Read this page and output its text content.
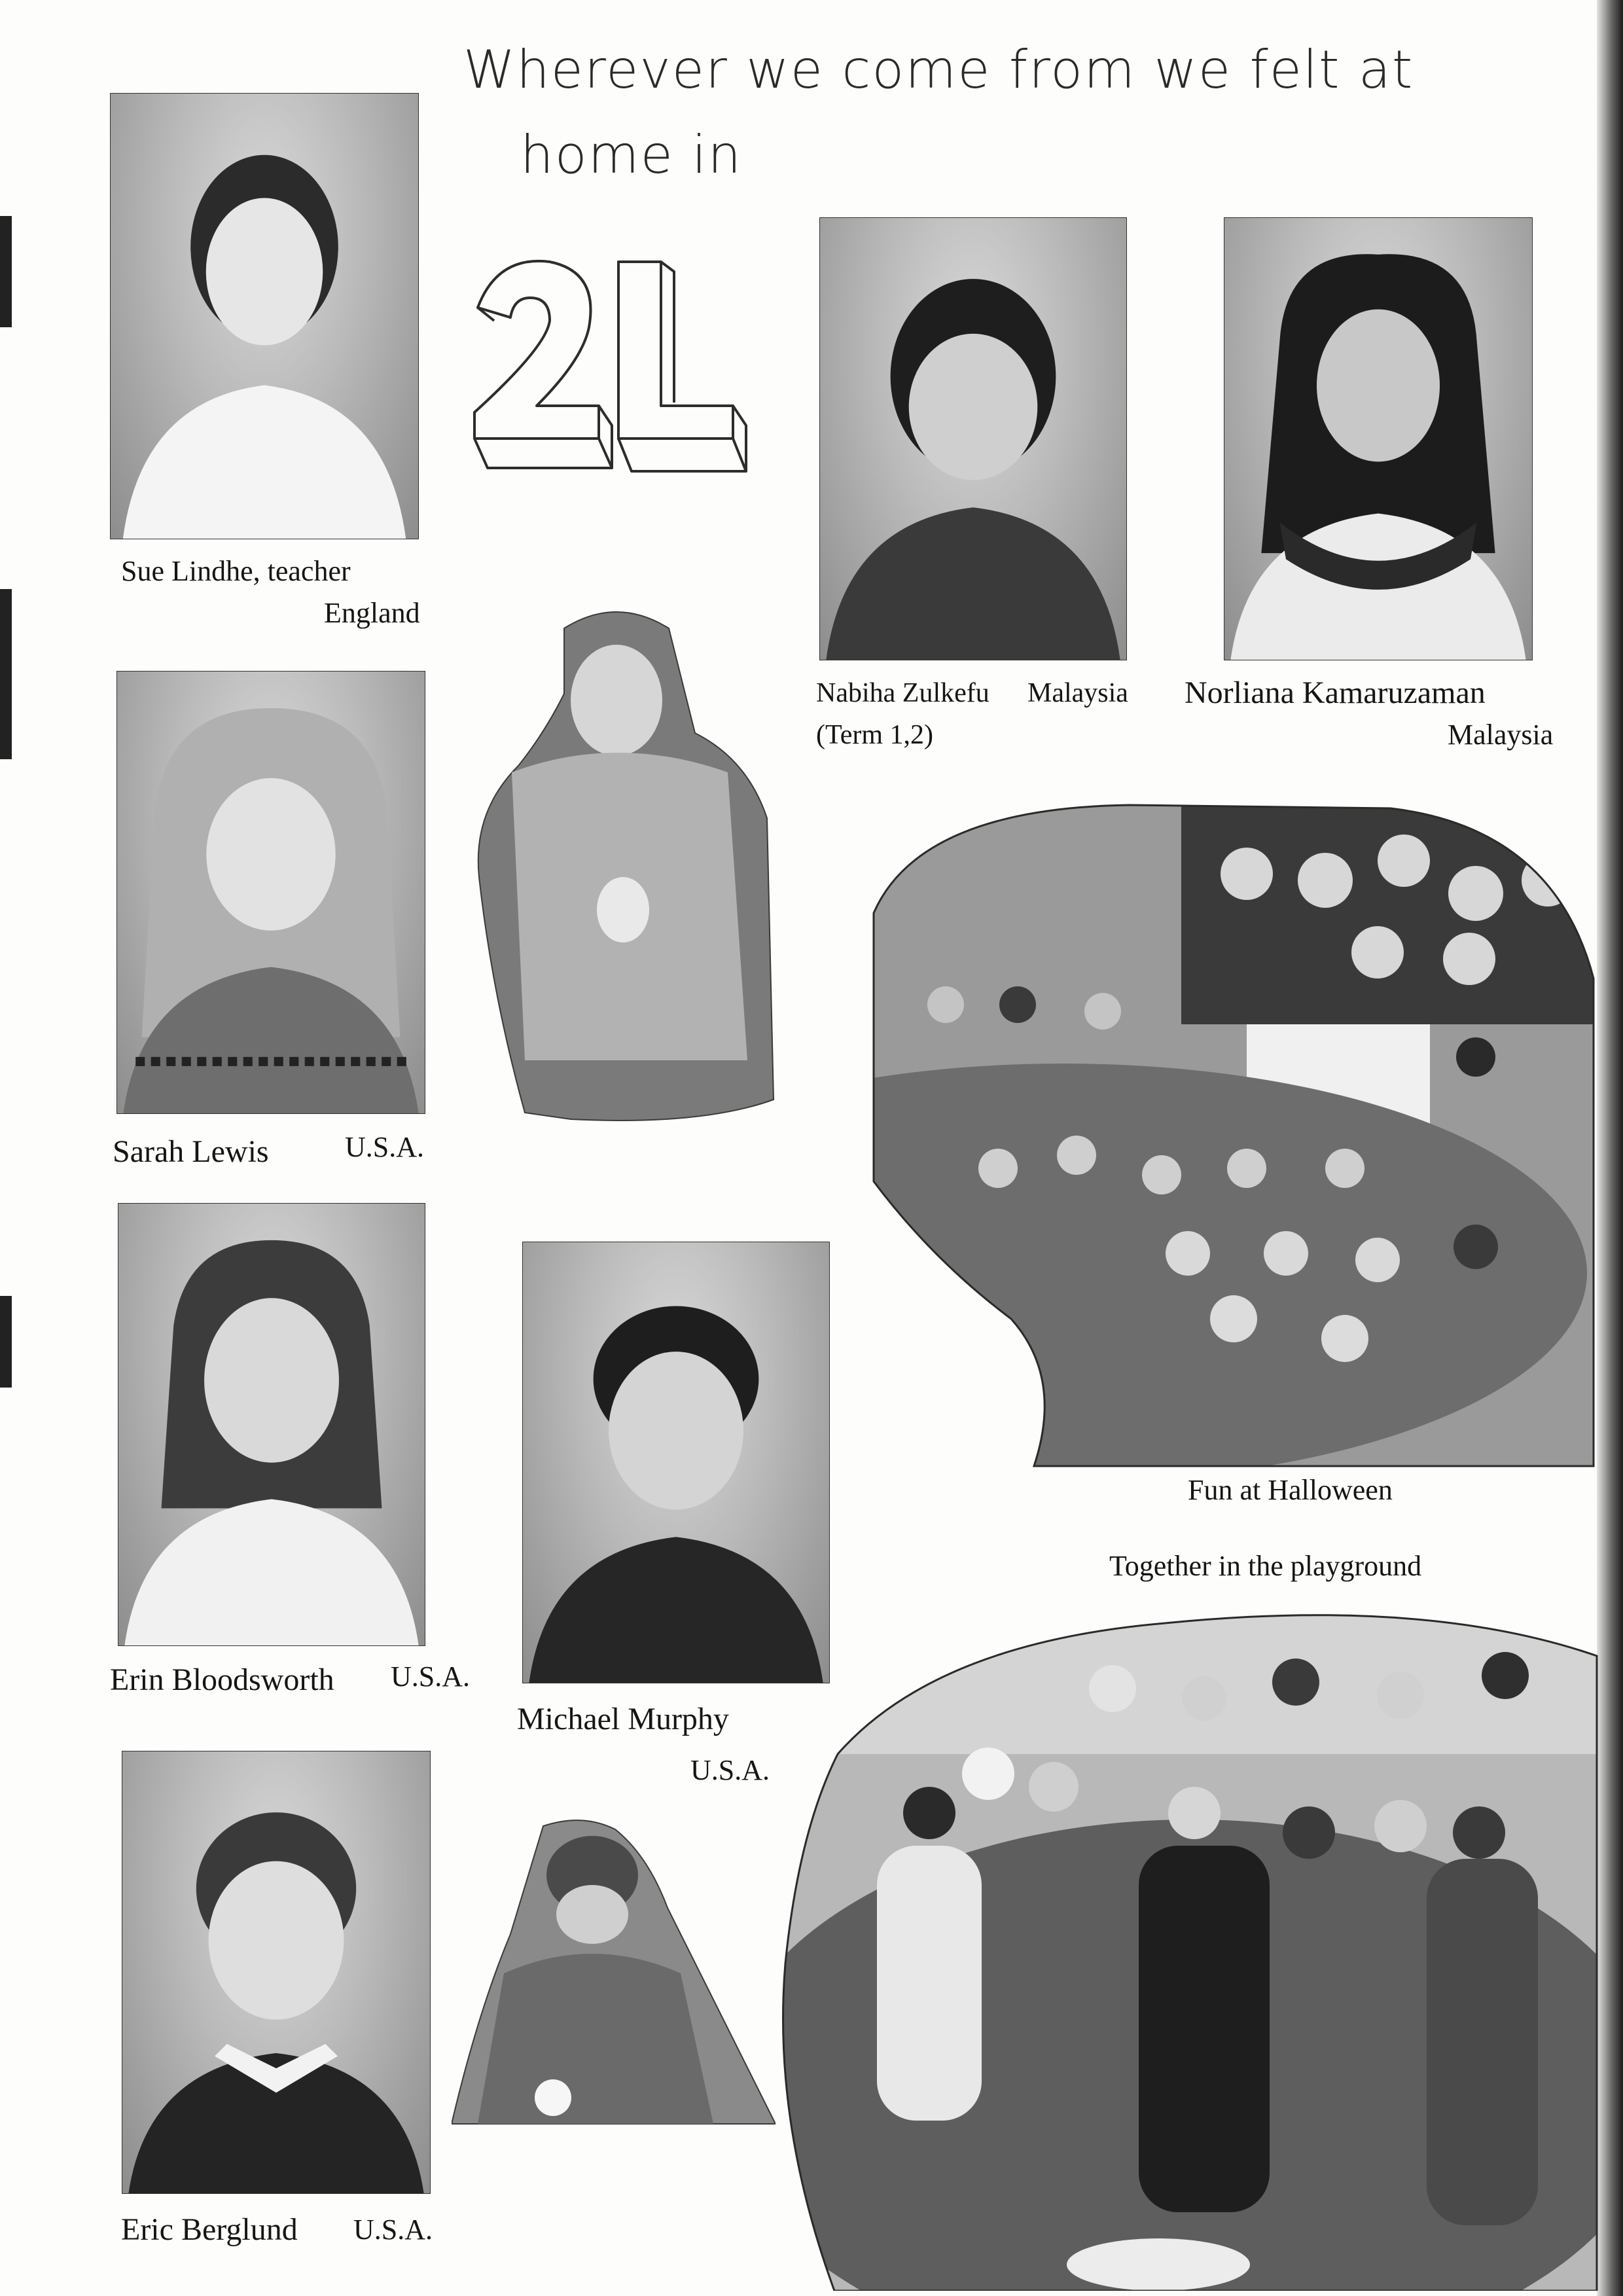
Wherever we come from we felt at
home in
Sue Lindhe, teacher
England
Nabiha Zulkefu Malaysia
(Term 1,2)
Norliana Kamaruzaman
Malaysia
Sarah Lewis	U.S.A.
Erin Bloodsworth U.S.A.
Michael Murphy
U.S.A.
Eric Berglund U.S.A.
Fun at Halloween
Together in the playground
